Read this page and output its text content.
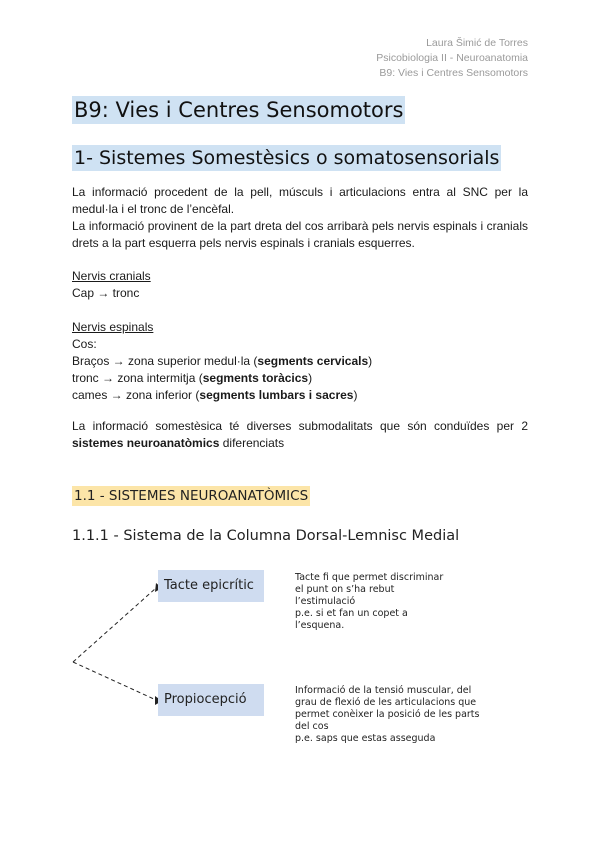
Laura Šimić de Torres
Psicobiologia II - Neuroanatomia
B9: Vies i Centres Sensomotors
B9: Vies i Centres Sensomotors
1- Sistemes Somestèsics o somatosensorials
La informació procedent de la pell, músculs i articulacions entra al SNC per la medul·la i el tronc de l’encèfal.
La informació provinent de la part dreta del cos arribarà pels nervis espinals i cranials drets a la part esquerra pels nervis espinals i cranials esquerres.
Nervis cranials
Cap → tronc
Nervis espinals
Cos:
Braços → zona superior medul·la (segments cervicals)
tronc → zona intermitja (segments toràcics)
cames → zona inferior (segments lumbars i sacres)
La informació somestèsica té diverses submodalitats que són conduïdes per 2 sistemes neuroanatòmics diferenciats
1.1 - SISTEMES NEUROANATÒMICS
1.1.1 - Sistema de la Columna Dorsal-Lemnisc Medial
Tacte epicrític
Tacte fi que permet discriminar
el punt on s’ha rebut
l’estimulació
p.e. si et fan un copet a
l’esquena.
Propiocepció
Informació de la tensió muscular, del
grau de flexió de les articulacions que
permet conèixer la posició de les parts
del cos
p.e. saps que estas asseguda
